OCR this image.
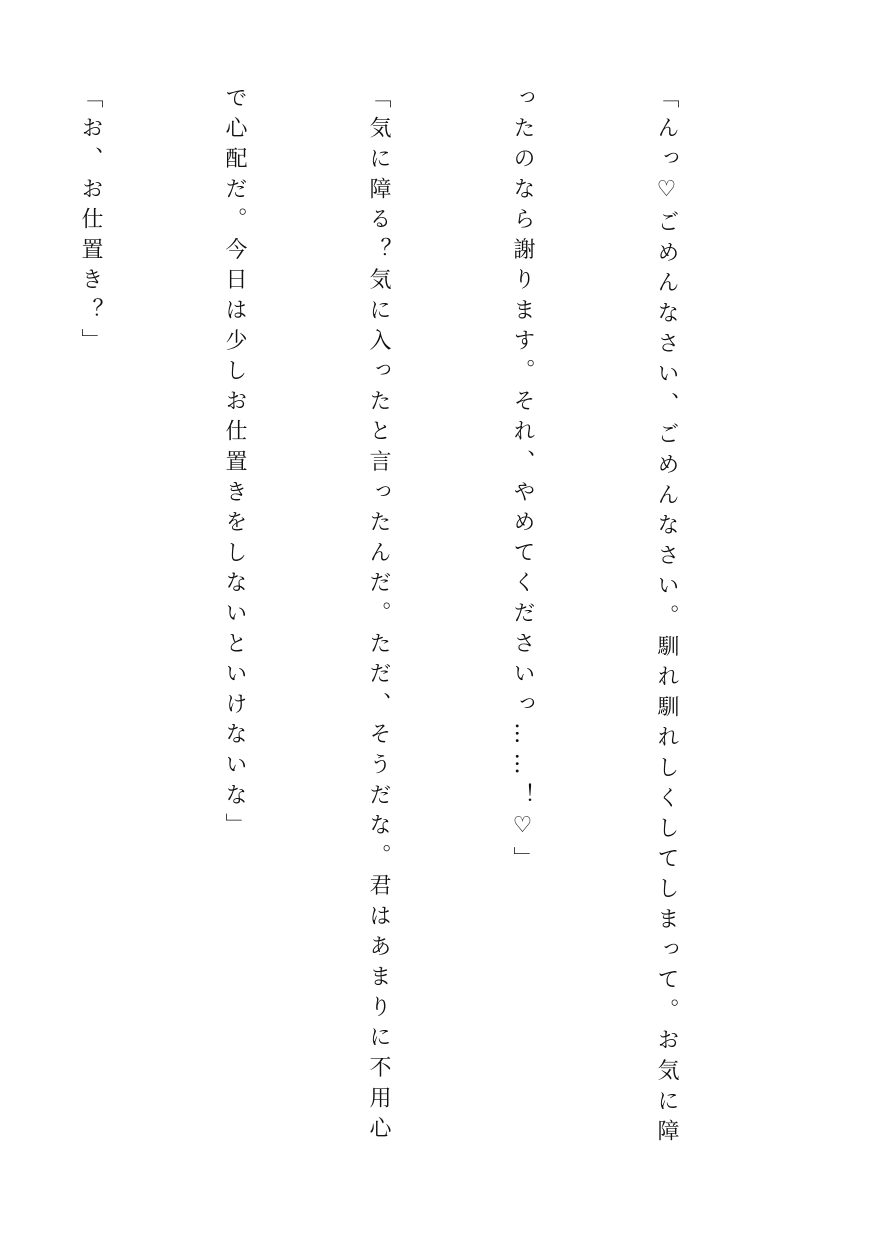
「んっ♡ごめんなさい、ごめんなさい。馴れ馴れしくしてしまって。お気に障

ったのなら謝ります。それ、やめてくださいっ……！♡」

「気に障る？気に入ったと言ったんだ。ただ、そうだな。君はあまりに不用心

で心配だ。今日は少しお仕置きをしないといけないな」

「お、お仕置き？」
